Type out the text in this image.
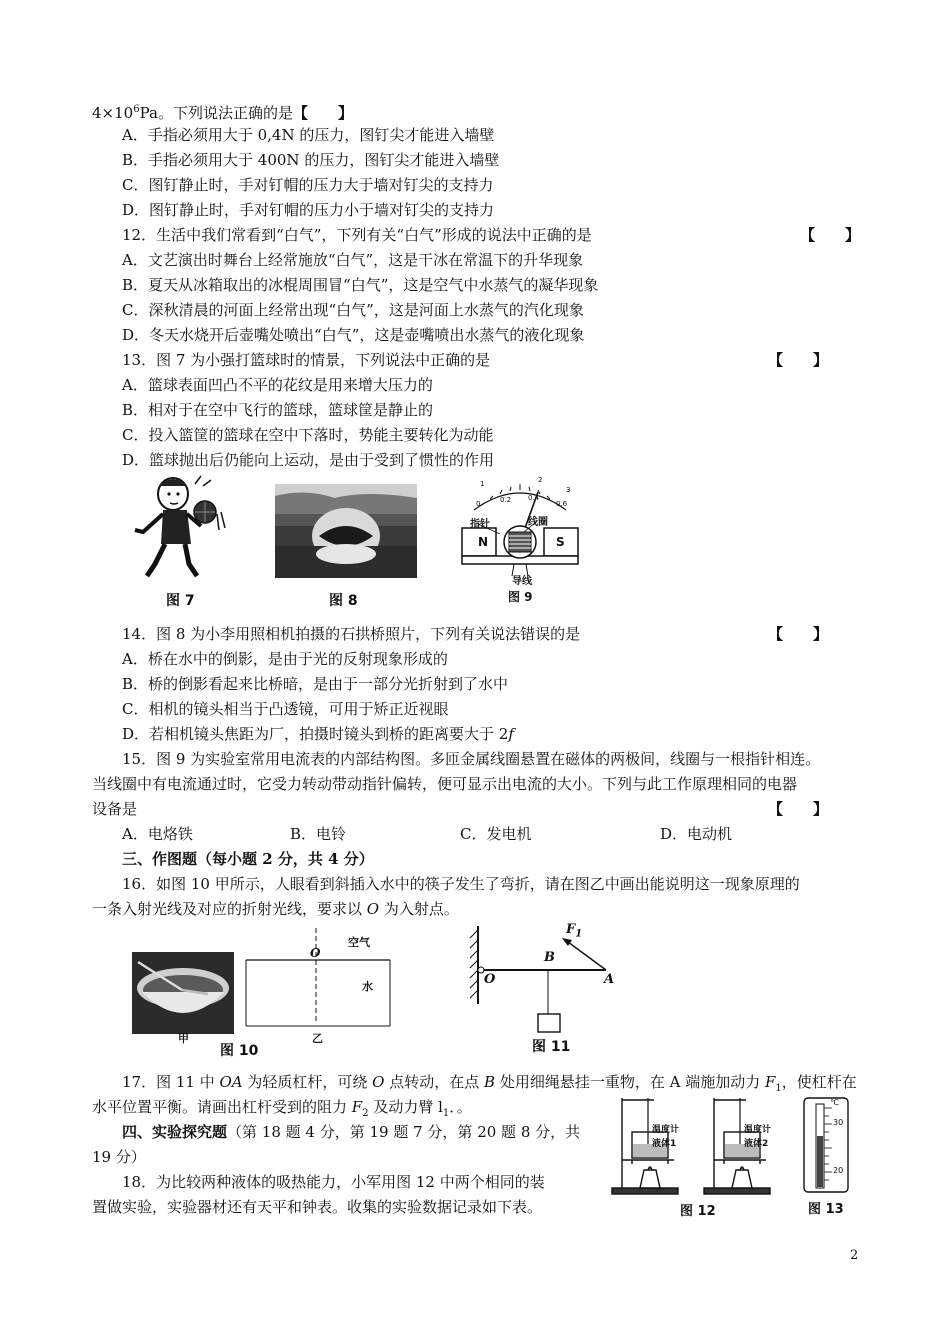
$4\times 10^6Pa$。下列说法正确的是【　　】
A．手指必须用大于 0,4N 的压力，图钉尖才能进入墙壁
B．手指必须用大于 400N 的压力，图钉尖才能进入墙壁
C．图钉静止时，手对钉帽的压力大于墙对钉尖的支持力
D．图钉静止时，手对钉帽的压力小于墙对钉尖的支持力
12．生活中我们常看到“白气”，下列有关“白气”形成的说法中正确的是	【　　】
A．文艺演出时舞台上经常施放“白气”，这是干冰在常温下的升华现象
B．夏天从冰箱取出的冰棍周围冒“白气”，这是空气中水蒸气的凝华现象
C．深秋清晨的河面上经常出现“白气”，这是河面上水蒸气的汽化现象
D．冬天水烧开后壶嘴处喷出“白气”，这是壶嘴喷出水蒸气的液化现象
13．图 7 为小强打篮球时的情景，下列说法中正确的是	【　　】
A．篮球表面凹凸不平的花纹是用来增大压力的
B．相对于在空中飞行的篮球，篮球筐是静止的
C．投入篮筐的篮球在空中下落时，势能主要转化为动能
D．篮球抛出后仍能向上运动，是由于受到了惯性的作用
图 7	图 8
1	2
3
0	0.2 0.4
0.6
指针	线圈
N	S
导线
图 9
14．图 8 为小李用照相机拍摄的石拱桥照片，下列有关说法错误的是	【　　】
A．桥在水中的倒影，是由于光的反射现象形成的
B．桥的倒影看起来比桥暗，是由于一部分光折射到了水中
C．相机的镜头相当于凸透镜，可用于矫正近视眼
D．若相机镜头焦距为厂，拍摄时镜头到桥的距离要大于 2f
15．图 9 为实验室常用电流表的内部结构图。多匝金属线圈悬置在磁体的两极间，线圈与一根指针相连。
当线圈中有电流通过时，它受力转动带动指针偏转，便可显示出电流的大小。下列与此工作原理相同的电器
设备是	【　　】
A．电烙铁	B．电铃	C．发电机	D．电动机
三、作图题（每小题 2 分，共 4 分）
16．如图 10 甲所示，人眼看到斜插入水中的筷子发生了弯折，请在图乙中画出能说明这一现象原理的
一条入射光线及对应的折射光线，要求以 O 为入射点。
甲
图 10
空气
水
O
乙
$F_1$
B
A
O
图 11
17．图 11 中 OA 为轻质杠杆，可绕 O 点转动，在点 B 处用细绳悬挂一重物，在 A 端施加动力 $F_1$，使杠杆在
水平位置平衡。请画出杠杆受到的阻力 $F_2$ 及动力臂 $l_1$．。
四、实验探究题（第 18 题 4 分，第 19 题 7 分，第 20 题 8 分，共
19 分）
18．为比较两种液体的吸热能力，小军用图 12 中两个相同的装
置做实验，实验器材还有天平和钟表。收集的实验数据记录如下表。
温度计
液体1
温度计
液体2
图 12
℃
30
20
图 13
2
